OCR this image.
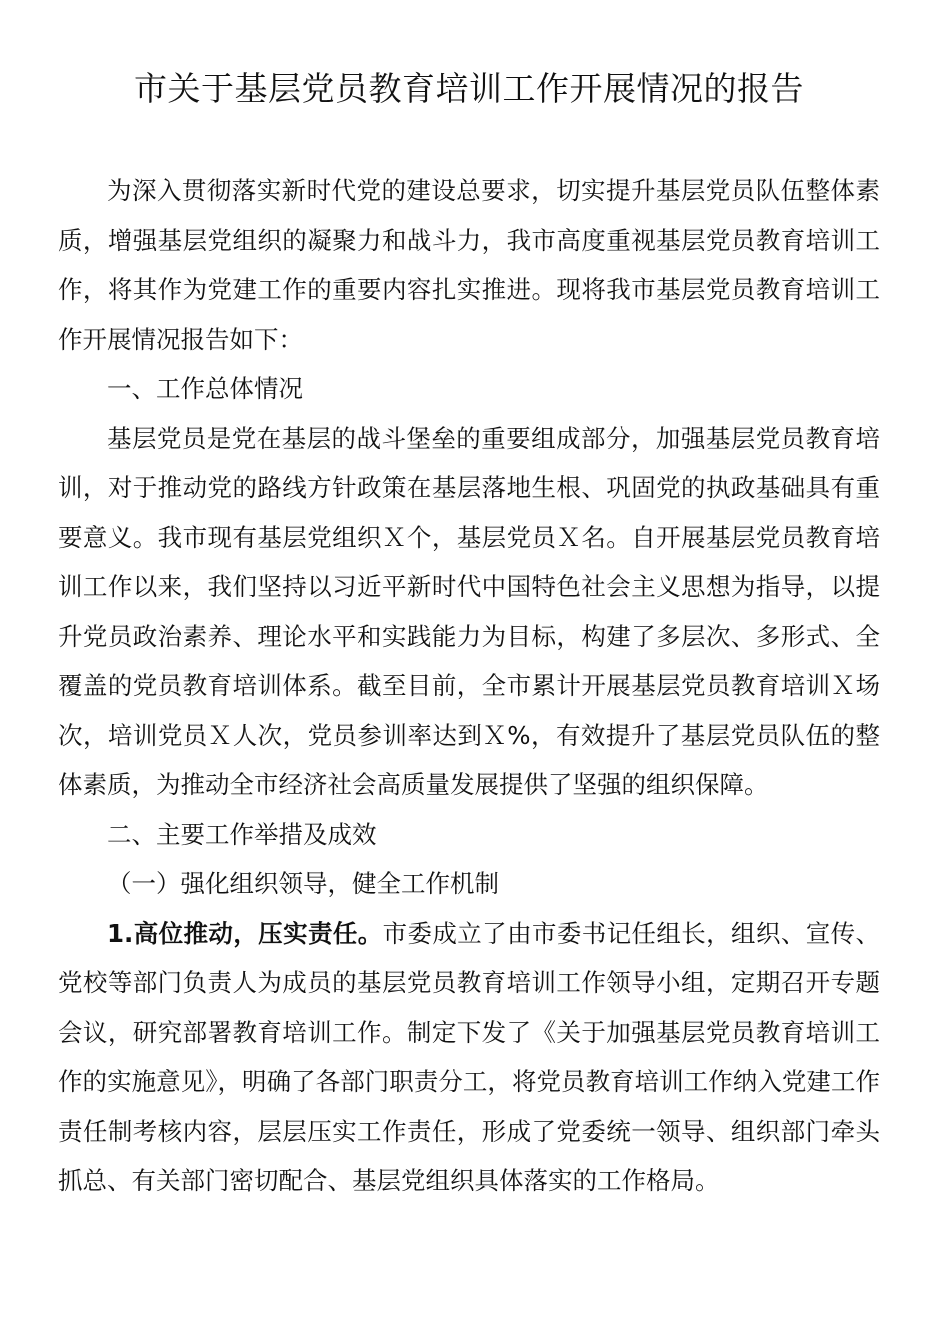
市关于基层党员教育培训工作开展情况的报告

为深入贯彻落实新时代党的建设总要求，切实提升基层党员队伍整体素质，增强基层党组织的凝聚力和战斗力，我市高度重视基层党员教育培训工作，将其作为党建工作的重要内容扎实推进。现将我市基层党员教育培训工作开展情况报告如下：

一、工作总体情况

基层党员是党在基层的战斗堡垒的重要组成部分，加强基层党员教育培训，对于推动党的路线方针政策在基层落地生根、巩固党的执政基础具有重要意义。我市现有基层党组织Ｘ个，基层党员Ｘ名。自开展基层党员教育培训工作以来，我们坚持以习近平新时代中国特色社会主义思想为指导，以提升党员政治素养、理论水平和实践能力为目标，构建了多层次、多形式、全覆盖的党员教育培训体系。截至目前，全市累计开展基层党员教育培训Ｘ场次，培训党员Ｘ人次，党员参训率达到Ｘ%，有效提升了基层党员队伍的整体素质，为推动全市经济社会高质量发展提供了坚强的组织保障。

二、主要工作举措及成效

（一）强化组织领导，健全工作机制

1.高位推动，压实责任。市委成立了由市委书记任组长，组织、宣传、党校等部门负责人为成员的基层党员教育培训工作领导小组，定期召开专题会议，研究部署教育培训工作。制定下发了《关于加强基层党员教育培训工作的实施意见》，明确了各部门职责分工，将党员教育培训工作纳入党建工作责任制考核内容，层层压实工作责任，形成了党委统一领导、组织部门牵头抓总、有关部门密切配合、基层党组织具体落实的工作格局。
